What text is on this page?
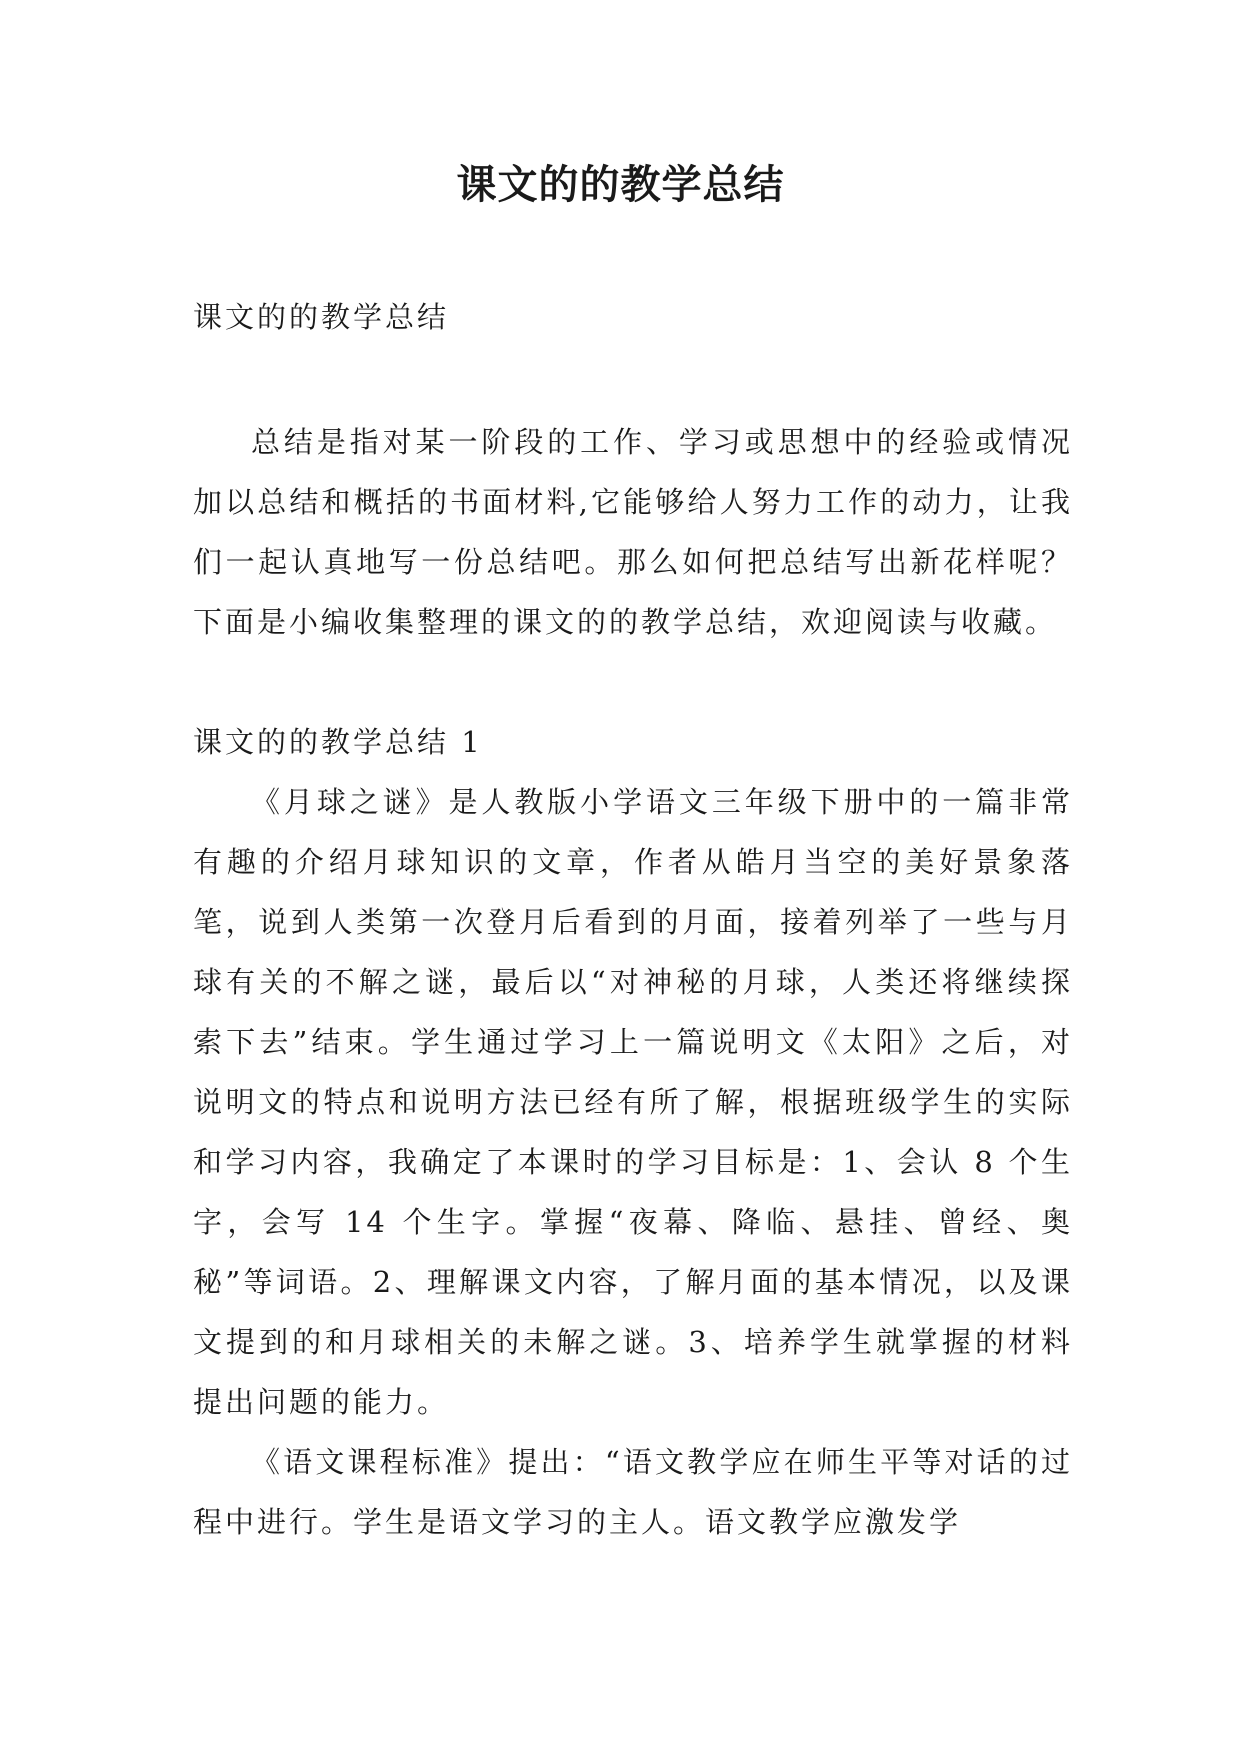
课文的的教学总结

课文的的教学总结

总结是指对某一阶段的工作、学习或思想中的经验或情况加以总结和概括的书面材料,它能够给人努力工作的动力，让我们一起认真地写一份总结吧。那么如何把总结写出新花样呢？下面是小编收集整理的课文的的教学总结，欢迎阅读与收藏。

课文的的教学总结 1

《月球之谜》是人教版小学语文三年级下册中的一篇非常有趣的介绍月球知识的文章，作者从皓月当空的美好景象落笔，说到人类第一次登月后看到的月面，接着列举了一些与月球有关的不解之谜，最后以“对神秘的月球，人类还将继续探索下去”结束。学生通过学习上一篇说明文《太阳》之后，对说明文的特点和说明方法已经有所了解，根据班级学生的实际和学习内容，我确定了本课时的学习目标是：1、会认 8 个生字，会写 14 个生字。掌握“夜幕、降临、悬挂、曾经、奥秘”等词语。2、理解课文内容，了解月面的基本情况，以及课文提到的和月球相关的未解之谜。3、培养学生就掌握的材料提出问题的能力。

《语文课程标准》提出：“语文教学应在师生平等对话的过程中进行。学生是语文学习的主人。语文教学应激发学
